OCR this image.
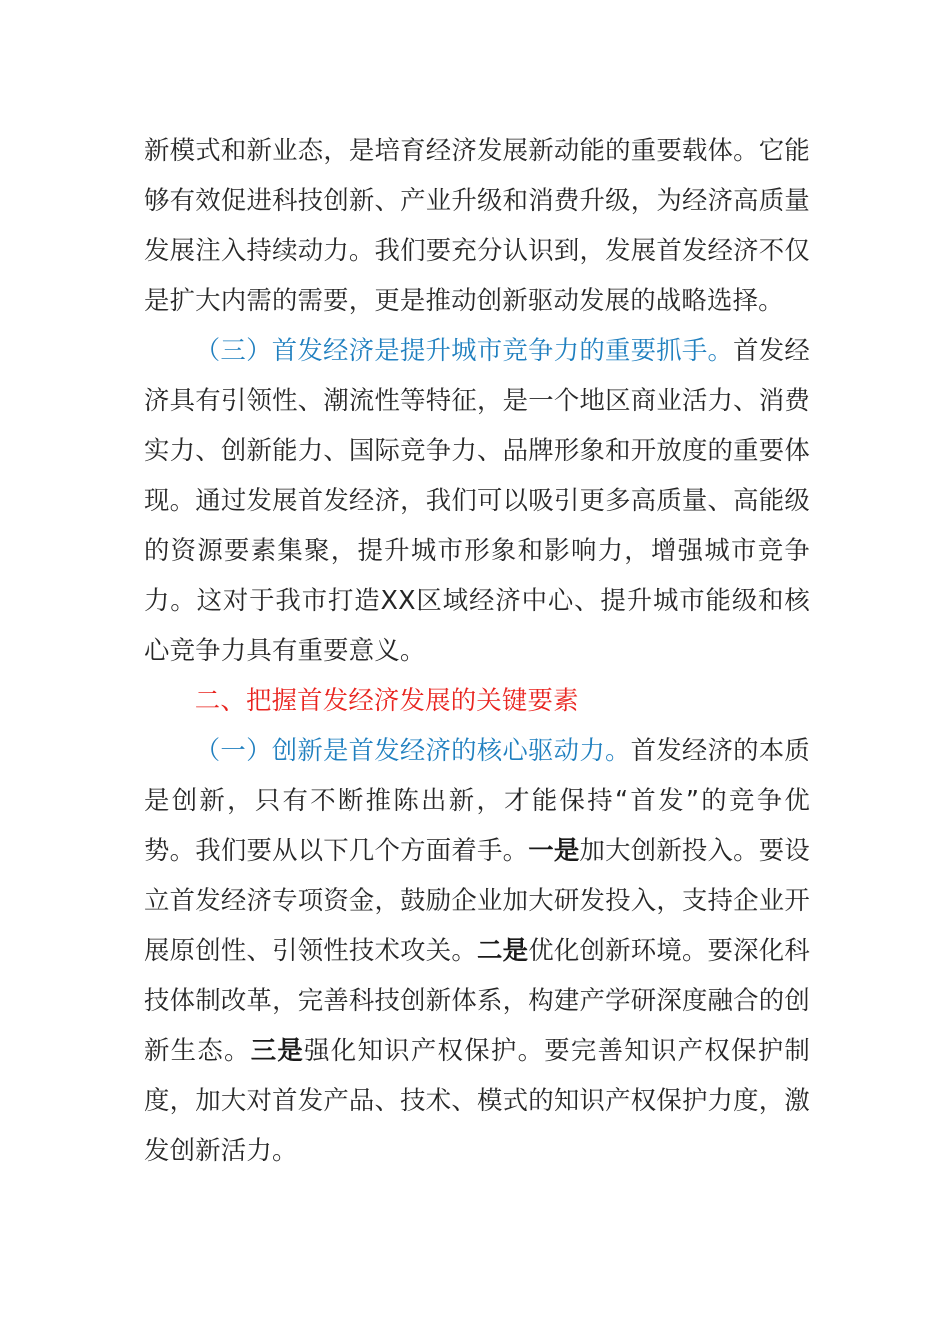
新模式和新业态，是培育经济发展新动能的重要载体。它能够有效促进科技创新、产业升级和消费升级，为经济高质量发展注入持续动力。我们要充分认识到，发展首发经济不仅是扩大内需的需要，更是推动创新驱动发展的战略选择。

（三）首发经济是提升城市竞争力的重要抓手。首发经济具有引领性、潮流性等特征，是一个地区商业活力、消费实力、创新能力、国际竞争力、品牌形象和开放度的重要体现。通过发展首发经济，我们可以吸引更多高质量、高能级的资源要素集聚，提升城市形象和影响力，增强城市竞争力。这对于我市打造XX区域经济中心、提升城市能级和核心竞争力具有重要意义。

二、把握首发经济发展的关键要素

（一）创新是首发经济的核心驱动力。首发经济的本质是创新，只有不断推陈出新，才能保持“首发”的竞争优势。我们要从以下几个方面着手。一是加大创新投入。要设立首发经济专项资金，鼓励企业加大研发投入，支持企业开展原创性、引领性技术攻关。二是优化创新环境。要深化科技体制改革，完善科技创新体系，构建产学研深度融合的创新生态。三是强化知识产权保护。要完善知识产权保护制度，加大对首发产品、技术、模式的知识产权保护力度，激发创新活力。
